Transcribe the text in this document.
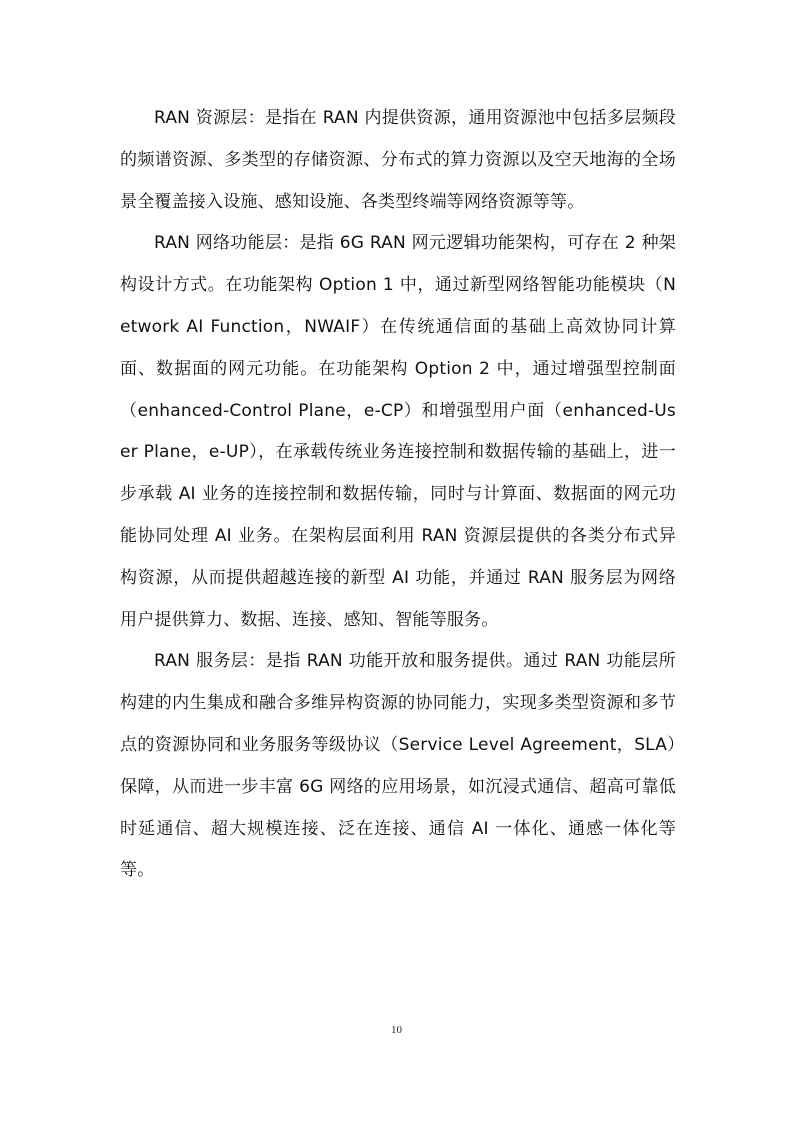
RAN 资源层：是指在 RAN 内提供资源，通用资源池中包括多层频段的频谱资源、多类型的存储资源、分布式的算力资源以及空天地海的全场景全覆盖接入设施、感知设施、各类型终端等网络资源等等。

RAN 网络功能层：是指 6G RAN 网元逻辑功能架构，可存在 2 种架构设计方式。在功能架构 Option 1 中，通过新型网络智能功能模块（Network AI Function，NWAIF）在传统通信面的基础上高效协同计算面、数据面的网元功能。在功能架构 Option 2 中，通过增强型控制面（enhanced-Control Plane，e-CP）和增强型用户面（enhanced-User Plane，e-UP），在承载传统业务连接控制和数据传输的基础上，进一步承载 AI 业务的连接控制和数据传输，同时与计算面、数据面的网元功能协同处理 AI 业务。在架构层面利用 RAN 资源层提供的各类分布式异构资源，从而提供超越连接的新型 AI 功能，并通过 RAN 服务层为网络用户提供算力、数据、连接、感知、智能等服务。

RAN 服务层：是指 RAN 功能开放和服务提供。通过 RAN 功能层所构建的内生集成和融合多维异构资源的协同能力，实现多类型资源和多节点的资源协同和业务服务等级协议（Service Level Agreement，SLA）保障，从而进一步丰富 6G 网络的应用场景，如沉浸式通信、超高可靠低时延通信、超大规模连接、泛在连接、通信 AI 一体化、通感一体化等等。

10
